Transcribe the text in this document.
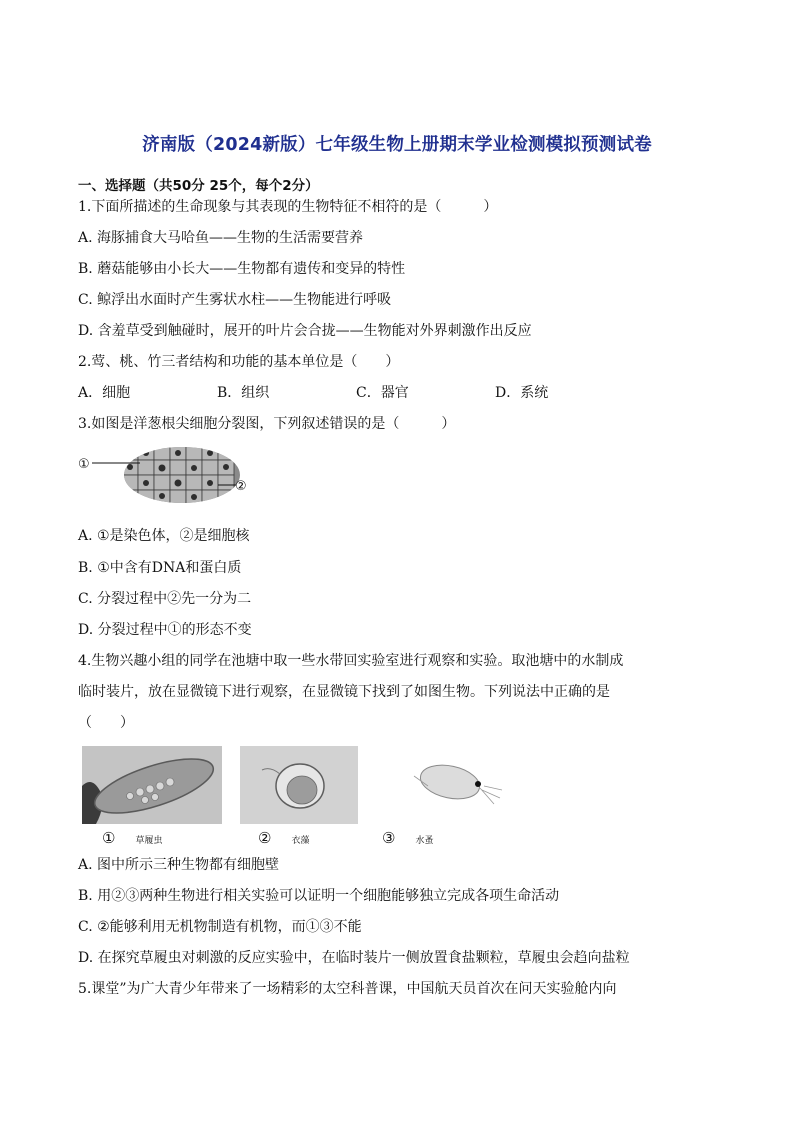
济南版（2024新版）七年级生物上册期末学业检测模拟预测试卷
一、选择题（共50分 25个，每个2分）
1.下面所描述的生命现象与其表现的生物特征不相符的是（　　　）
A. 海豚捕食大马哈鱼——生物的生活需要营养
B. 蘑菇能够由小长大——生物都有遗传和变异的特性
C. 鲸浮出水面时产生雾状水柱——生物能进行呼吸
D. 含羞草受到触碰时，展开的叶片会合拢——生物能对外界刺激作出反应
2.莺、桃、竹三者结构和功能的基本单位是（　　）
A．细胞	B．组织	C．器官	D．系统
3.如图是洋葱根尖细胞分裂图，下列叙述错误的是（　　　）
①
②
A. ①是染色体，②是细胞核
B. ①中含有DNA和蛋白质
C. 分裂过程中②先一分为二
D. 分裂过程中①的形态不变
4.生物兴趣小组的同学在池塘中取一些水带回实验室进行观察和实验。取池塘中的水制成
临时装片，放在显微镜下进行观察，在显微镜下找到了如图生物。下列说法中正确的是
（　　）
① 草履虫	② 衣藻	③ 水蚤
A. 图中所示三种生物都有细胞壁
B. 用②③两种生物进行相关实验可以证明一个细胞能够独立完成各项生命活动
C. ②能够利用无机物制造有机物，而①③不能
D. 在探究草履虫对刺激的反应实验中，在临时装片一侧放置食盐颗粒，草履虫会趋向盐粒
5.课堂”为广大青少年带来了一场精彩的太空科普课，中国航天员首次在问天实验舱内向
